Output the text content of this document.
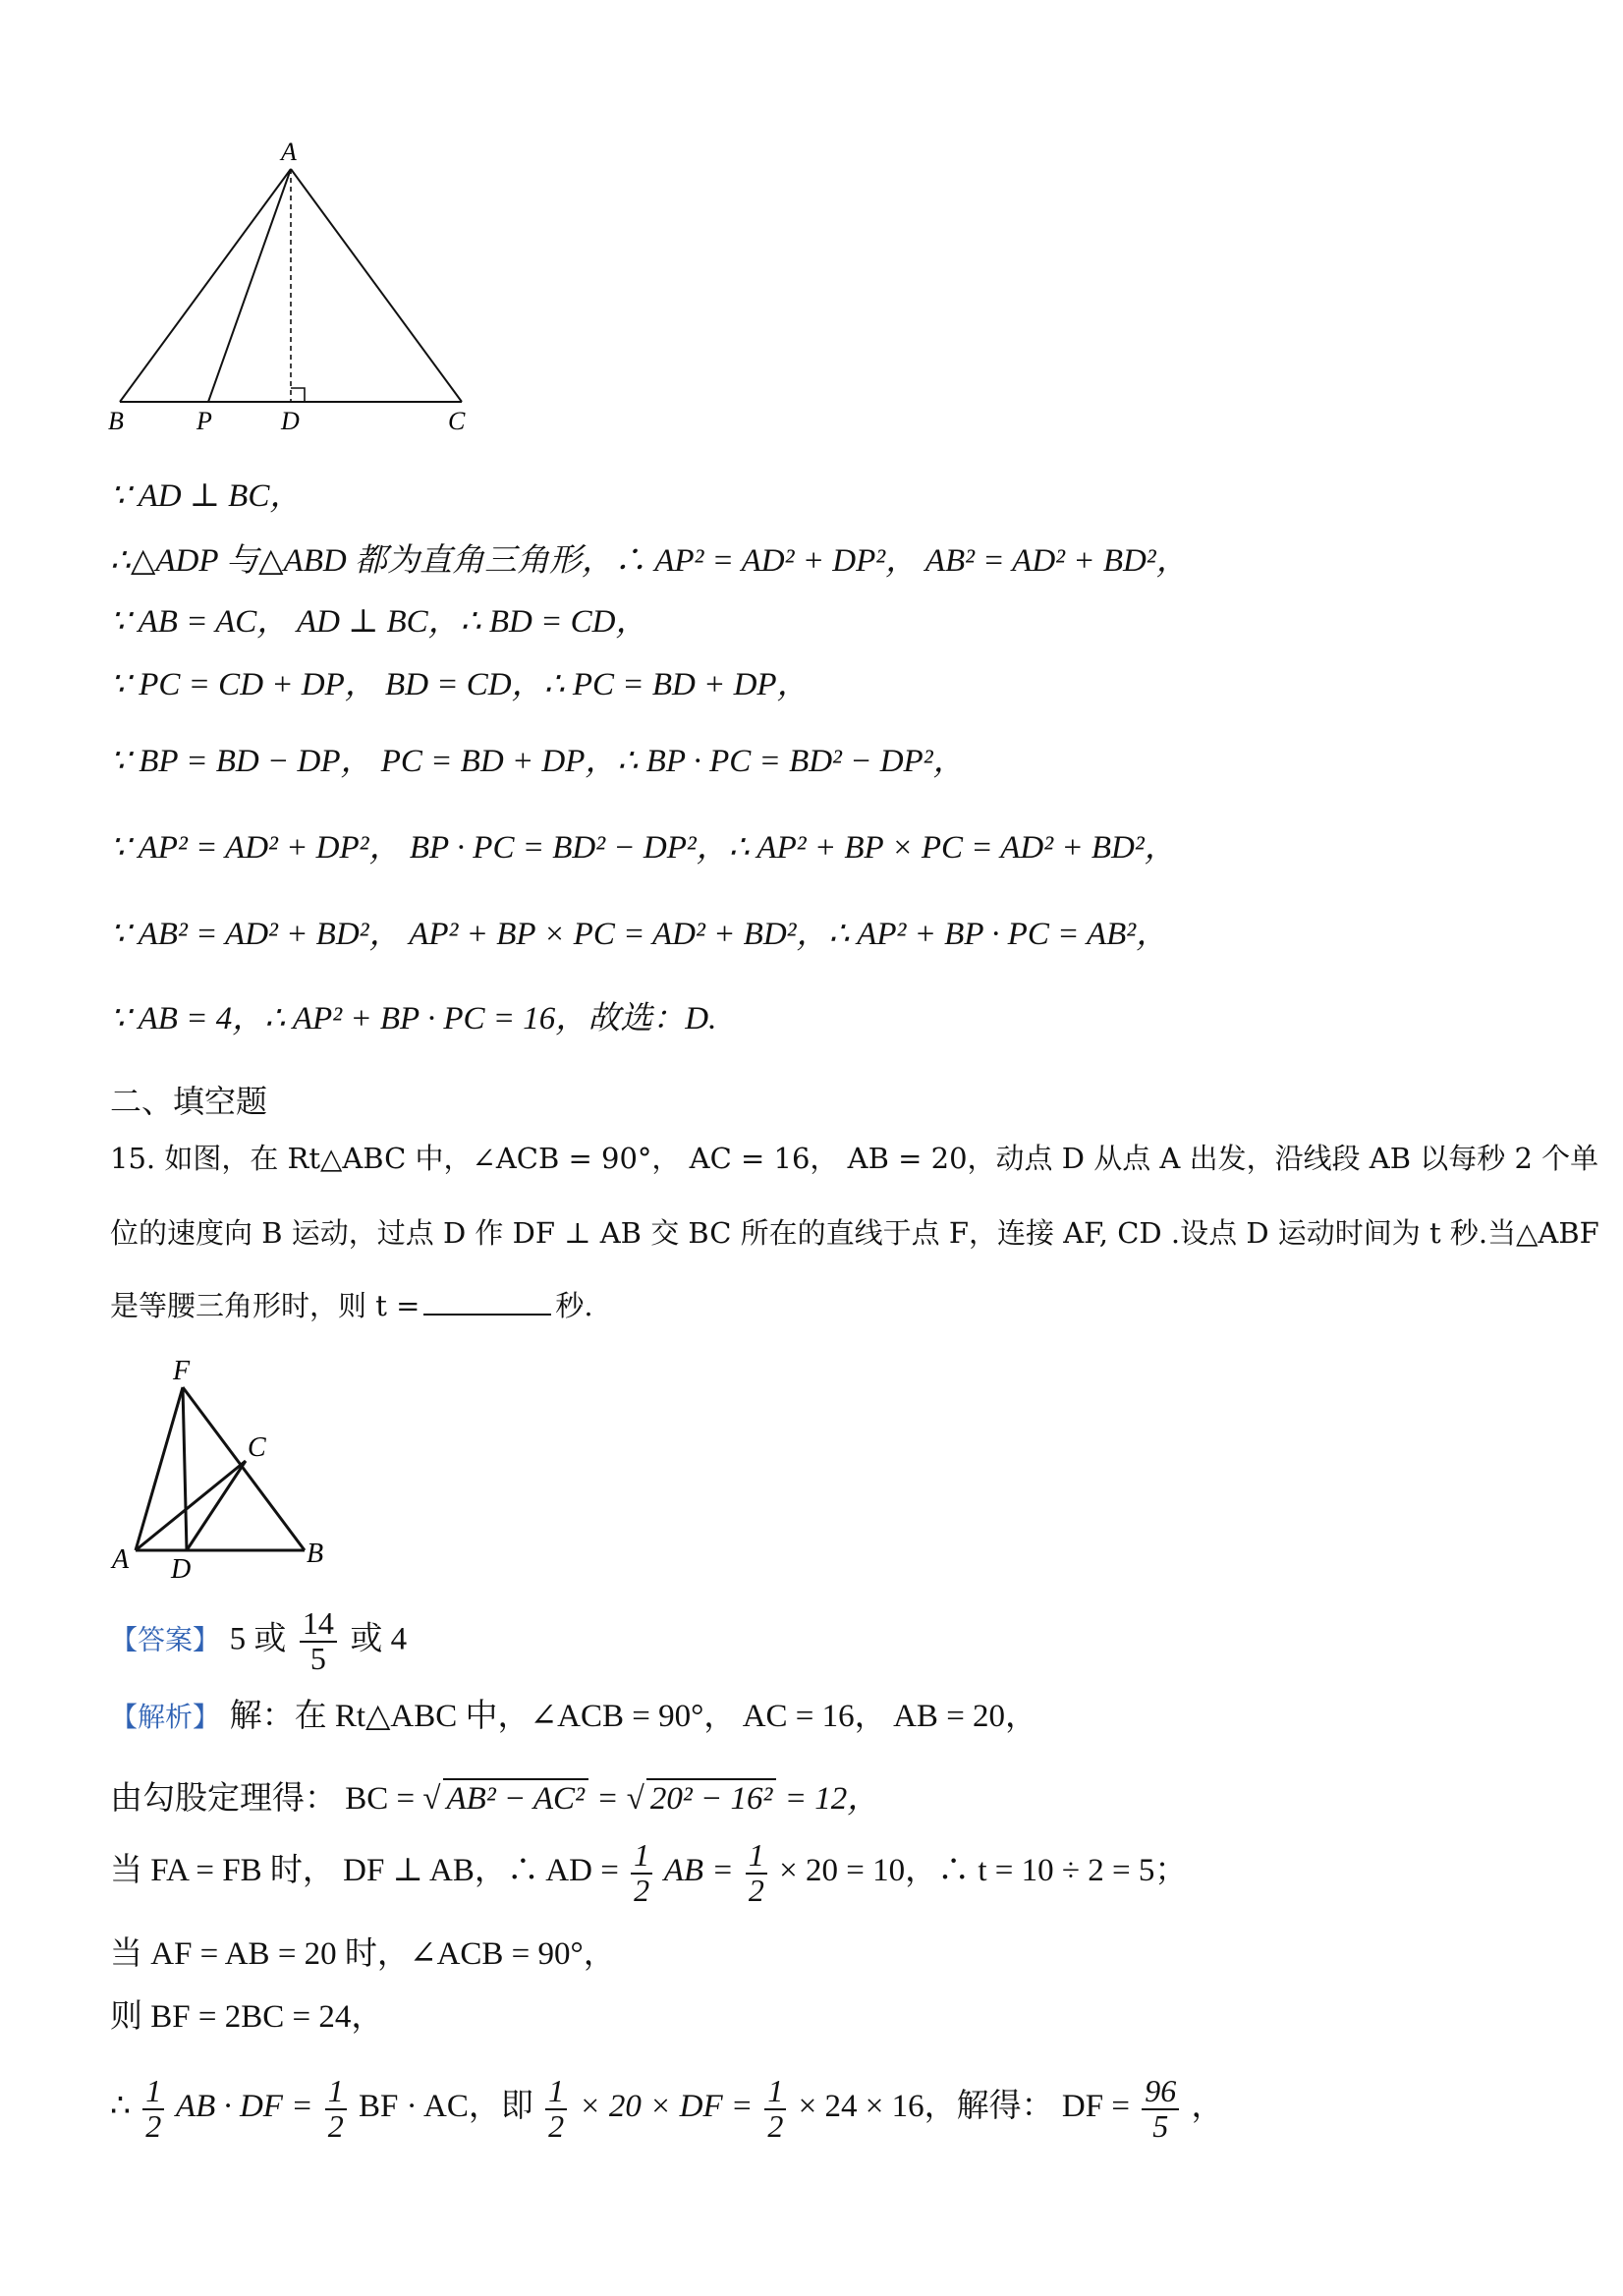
A
B	P	D	C
∵ AD ⊥ BC，
∴△ADP 与△ABD 都为直角三角形，∴ AP² = AD² + DP²， AB² = AD² + BD²，
∵ AB = AC， AD ⊥ BC，∴ BD = CD，
∵ PC = CD + DP， BD = CD，∴ PC = BD + DP，
∵ BP = BD − DP， PC = BD + DP，∴ BP · PC = BD² − DP²，
∵ AP² = AD² + DP²， BP · PC = BD² − DP²，∴ AP² + BP × PC = AD² + BD²，
∵ AB² = AD² + BD²， AP² + BP × PC = AD² + BD²，∴ AP² + BP · PC = AB²，
∵ AB = 4，∴ AP² + BP · PC = 16，故选：D.
二、填空题
15. 如图，在 Rt△ABC 中，∠ACB = 90°， AC = 16， AB = 20，动点 D 从点 A 出发，沿线段 AB 以每秒 2 个单
位的速度向 B 运动，过点 D 作 DF ⊥ AB 交 BC 所在的直线于点 F，连接 AF, CD .设点 D 运动时间为 t 秒.当△ABF
是等腰三角形时，则 t =	秒.
F
C
A D
B
【答案】 5 或 $\frac{14}{5}$ 或 4
【解析】 解：在 Rt△ABC 中，∠ACB = 90°， AC = 16， AB = 20，
由勾股定理得： BC = √ AB² − AC² = √ 20² − 16² = 12，
当 FA = FB 时， DF ⊥ AB，∴ AD = $\frac{1}{2}$ AB = $\frac{1}{2} \times 20 = 10$，∴ t = 10 ÷ 2 = 5；
当 AF = AB = 20 时，∠ACB = 90°，
则 BF = 2BC = 24，
∴ $\frac{1}{2}$ AB · DF = $\frac{1}{2}$ BF · AC，即 $\frac{1}{2} \times 20$ × DF = $\frac{1}{2} \times 24 \times 16$，解得： DF = $\frac{96}{5}$ ，
